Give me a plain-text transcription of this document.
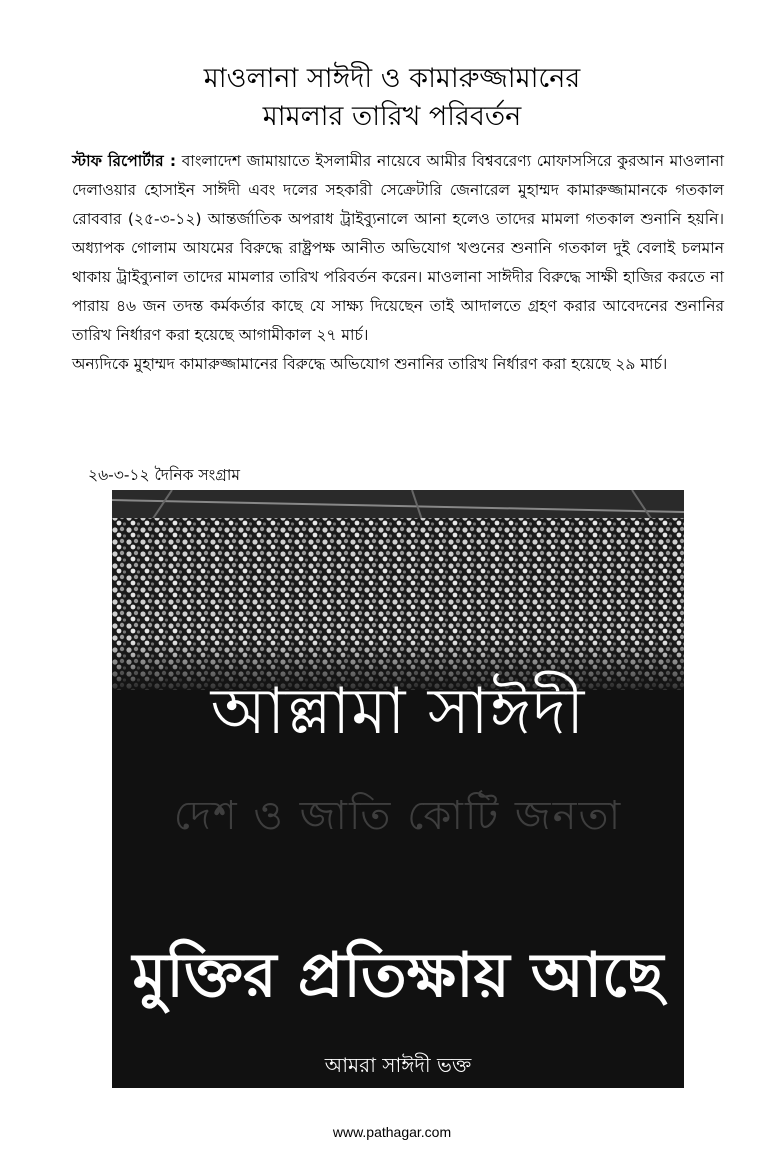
মাওলানা সাঈদী ও কামারুজ্জামানের
মামলার তারিখ পরিবর্তন

স্টাফ রিপোর্টার : বাংলাদেশ জামায়াতে ইসলামীর নায়েবে আমীর বিশ্ববরেণ্য মোফাসসিরে কুরআন মাওলানা দেলাওয়ার হোসাইন সাঈদী এবং দলের সহকারী সেক্রেটারি জেনারেল মুহাম্মদ কামারুজ্জামানকে গতকাল রোববার (২৫-৩-১২) আন্তর্জাতিক অপরাধ ট্রাইব্যুনালে আনা হলেও তাদের মামলা গতকাল শুনানি হয়নি। অধ্যাপক গোলাম আযমের বিরুদ্ধে রাষ্ট্রপক্ষ আনীত অভিযোগ খণ্ডনের শুনানি গতকাল দুই বেলাই চলমান থাকায় ট্রাইব্যুনাল তাদের মামলার তারিখ পরিবর্তন করেন। মাওলানা সাঈদীর বিরুদ্ধে সাক্ষী হাজির করতে না পারায় ৪৬ জন তদন্ত কর্মকর্তার কাছে যে সাক্ষ্য দিয়েছেন তাই আদালতে গ্রহণ করার আবেদনের শুনানির তারিখ নির্ধারণ করা হয়েছে আগামীকাল ২৭ মার্চ।

অন্যদিকে মুহাম্মদ কামারুজ্জামানের বিরুদ্ধে অভিযোগ শুনানির তারিখ নির্ধারণ করা হয়েছে ২৯ মার্চ।

২৬-৩-১২ দৈনিক সংগ্রাম
আল্লামা সাঈদী
দেশ ও জাতি কোটি জনতা
মুক্তির প্রতিক্ষায় আছে
আমরা সাঈদী ভক্ত
www.pathagar.com
